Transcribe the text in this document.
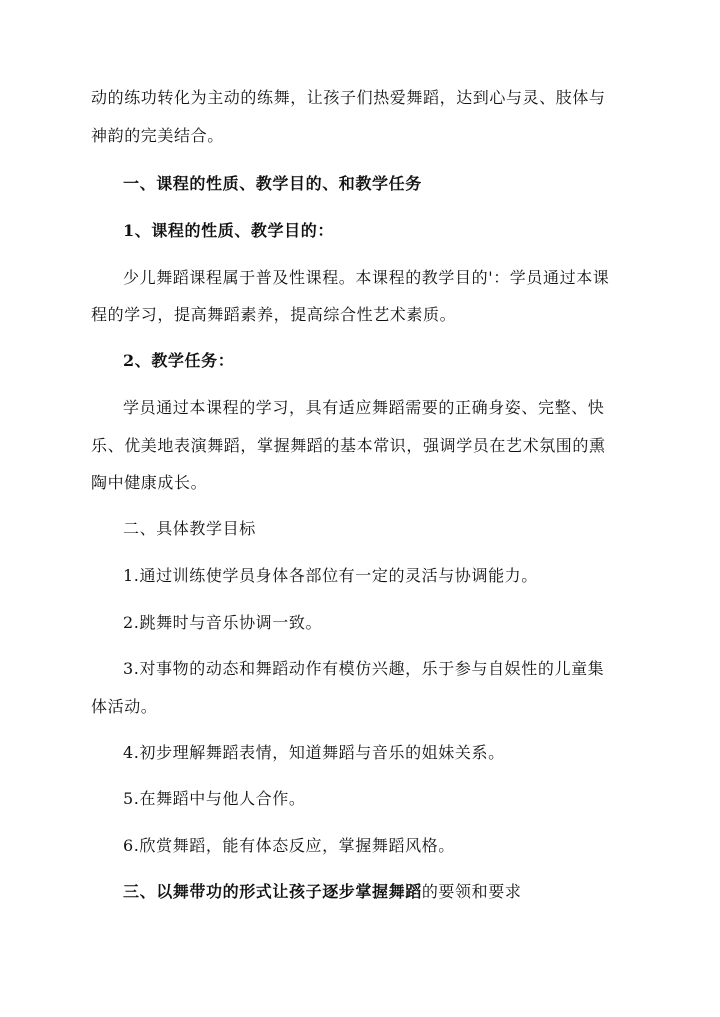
动的练功转化为主动的练舞，让孩子们热爱舞蹈，达到心与灵、肢体与
神韵的完美结合。
一、课程的性质、教学目的、和教学任务
1、课程的性质、教学目的：
少儿舞蹈课程属于普及性课程。本课程的教学目的'：学员通过本课
程的学习，提高舞蹈素养，提高综合性艺术素质。
2、教学任务：
学员通过本课程的学习，具有适应舞蹈需要的正确身姿、完整、快
乐、优美地表演舞蹈，掌握舞蹈的基本常识，强调学员在艺术氛围的熏
陶中健康成长。
二、具体教学目标
1.通过训练使学员身体各部位有一定的灵活与协调能力。
2.跳舞时与音乐协调一致。
3.对事物的动态和舞蹈动作有模仿兴趣，乐于参与自娱性的儿童集
体活动。
4.初步理解舞蹈表情，知道舞蹈与音乐的姐妹关系。
5.在舞蹈中与他人合作。
6.欣赏舞蹈，能有体态反应，掌握舞蹈风格。
三、以舞带功的形式让孩子逐步掌握舞蹈的要领和要求
